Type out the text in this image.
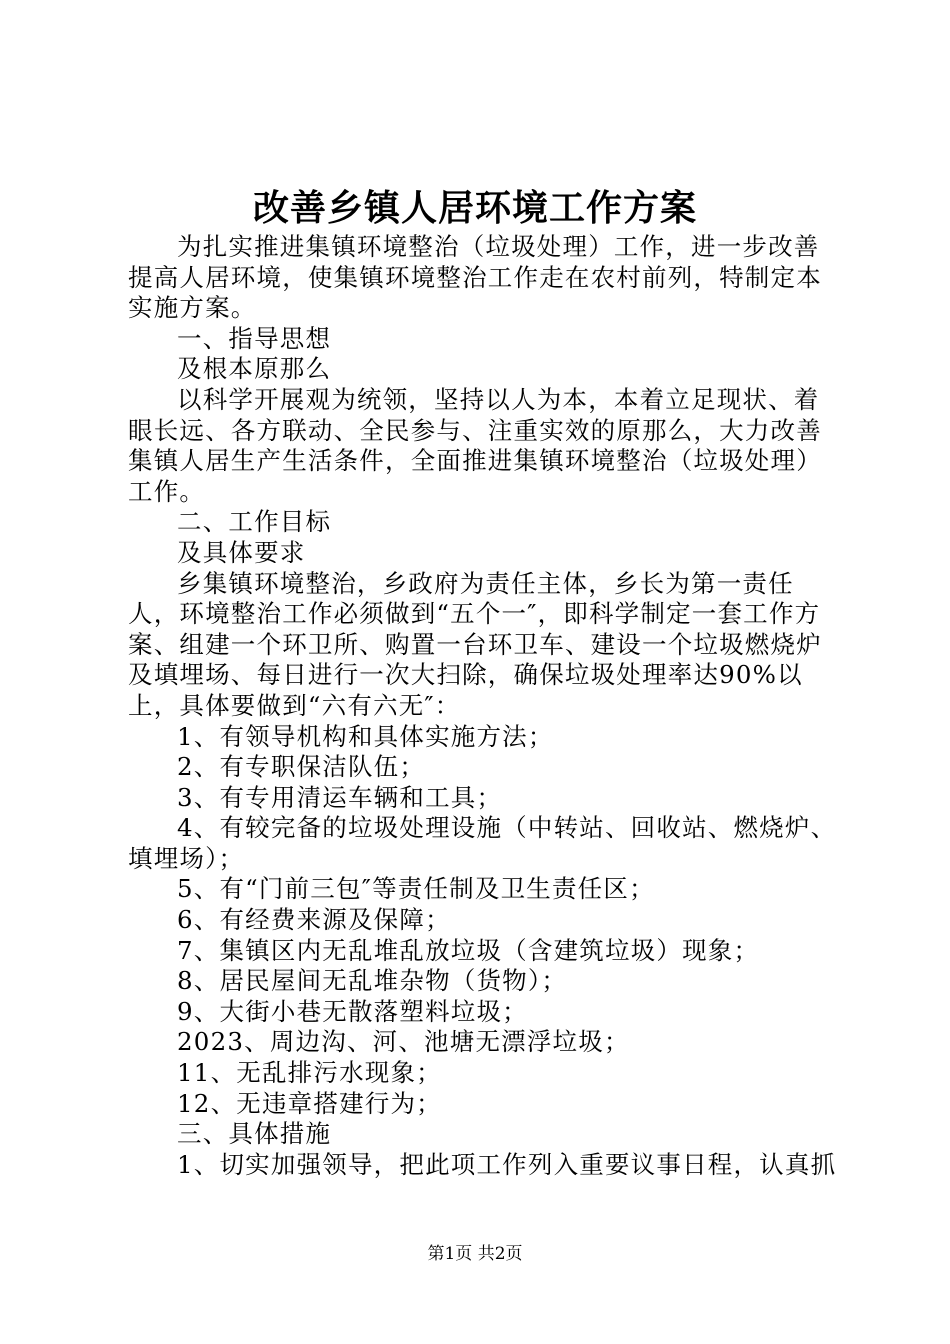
改善乡镇人居环境工作方案

为扎实推进集镇环境整治（垃圾处理）工作，进一步改善提高人居环境，使集镇环境整治工作走在农村前列，特制定本实施方案。

一、指导思想

及根本原那么

以科学开展观为统领，坚持以人为本，本着立足现状、着眼长远、各方联动、全民参与、注重实效的原那么，大力改善集镇人居生产生活条件，全面推进集镇环境整治（垃圾处理）工作。

二、工作目标

及具体要求

乡集镇环境整治，乡政府为责任主体，乡长为第一责任人，环境整治工作必须做到“五个一″，即科学制定一套工作方案、组建一个环卫所、购置一台环卫车、建设一个垃圾燃烧炉及填埋场、每日进行一次大扫除，确保垃圾处理率达90%以上，具体要做到“六有六无″：

1、有领导机构和具体实施方法；

2、有专职保洁队伍；

3、有专用清运车辆和工具；

4、有较完备的垃圾处理设施（中转站、回收站、燃烧炉、填埋场）；

5、有“门前三包″等责任制及卫生责任区；

6、有经费来源及保障；

7、集镇区内无乱堆乱放垃圾（含建筑垃圾）现象；

8、居民屋间无乱堆杂物（货物）；

9、大街小巷无散落塑料垃圾；

2023、周边沟、河、池塘无漂浮垃圾；

11、无乱排污水现象；

12、无违章搭建行为；

三、具体措施

1、切实加强领导，把此项工作列入重要议事日程，认真抓

第1页 共2页
